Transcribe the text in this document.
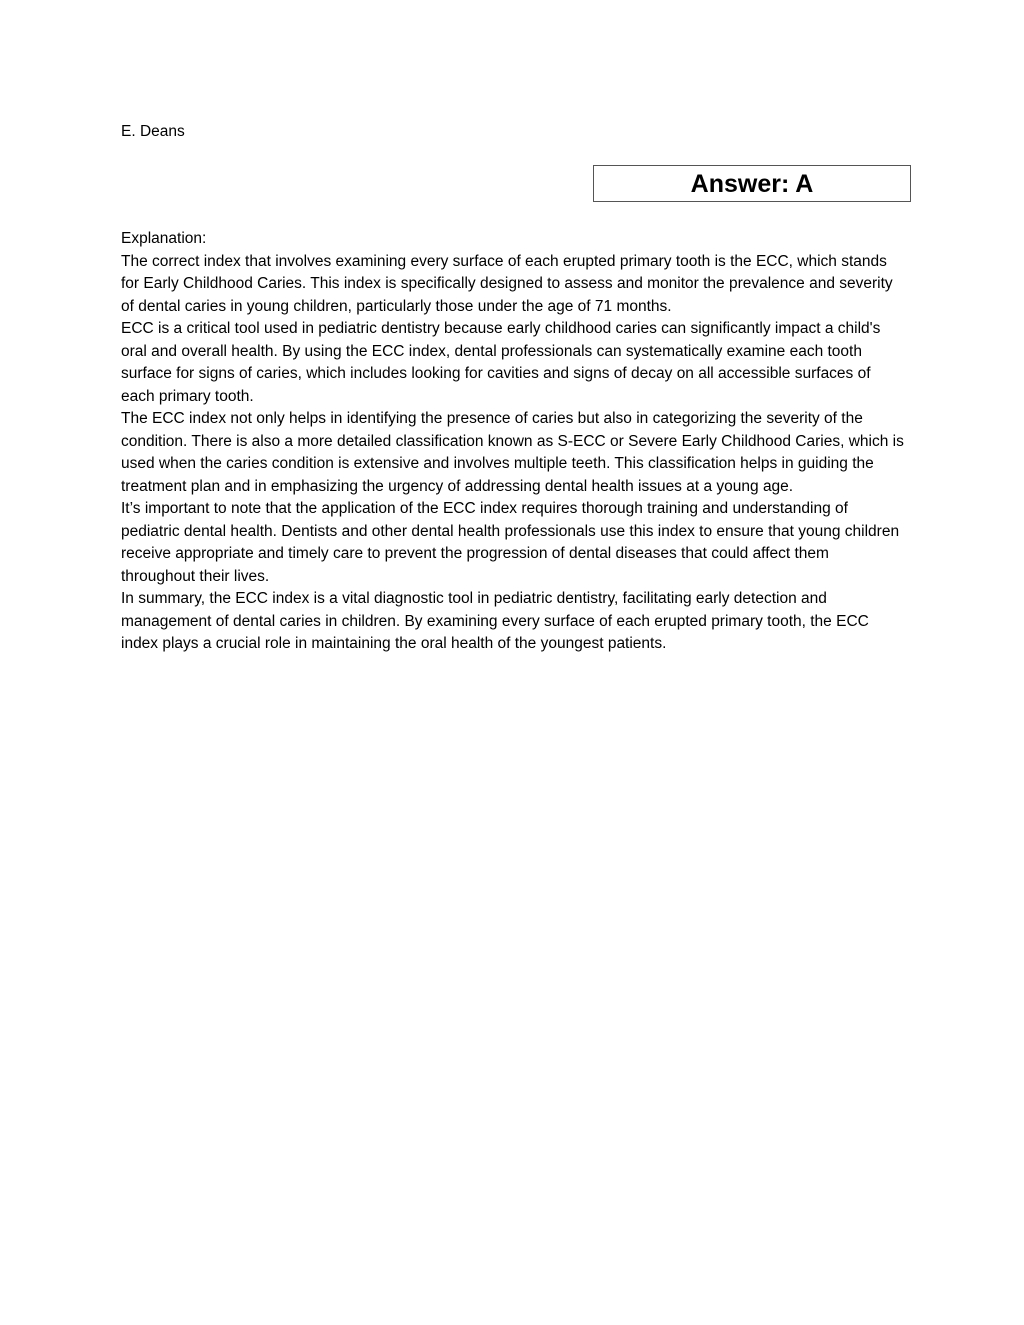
E. Deans
Answer: A

Explanation:

The correct index that involves examining every surface of each erupted primary tooth is the ECC, which stands for Early Childhood Caries. This index is specifically designed to assess and monitor the prevalence and severity of dental caries in young children, particularly those under the age of 71 months.

ECC is a critical tool used in pediatric dentistry because early childhood caries can significantly impact a child's oral and overall health. By using the ECC index, dental professionals can systematically examine each tooth surface for signs of caries, which includes looking for cavities and signs of decay on all accessible surfaces of each primary tooth.

The ECC index not only helps in identifying the presence of caries but also in categorizing the severity of the condition. There is also a more detailed classification known as S-ECC or Severe Early Childhood Caries, which is used when the caries condition is extensive and involves multiple teeth. This classification helps in guiding the treatment plan and in emphasizing the urgency of addressing dental health issues at a young age.

It’s important to note that the application of the ECC index requires thorough training and understanding of pediatric dental health. Dentists and other dental health professionals use this index to ensure that young children receive appropriate and timely care to prevent the progression of dental diseases that could affect them throughout their lives.

In summary, the ECC index is a vital diagnostic tool in pediatric dentistry, facilitating early detection and management of dental caries in children. By examining every surface of each erupted primary tooth, the ECC index plays a crucial role in maintaining the oral health of the youngest patients.
